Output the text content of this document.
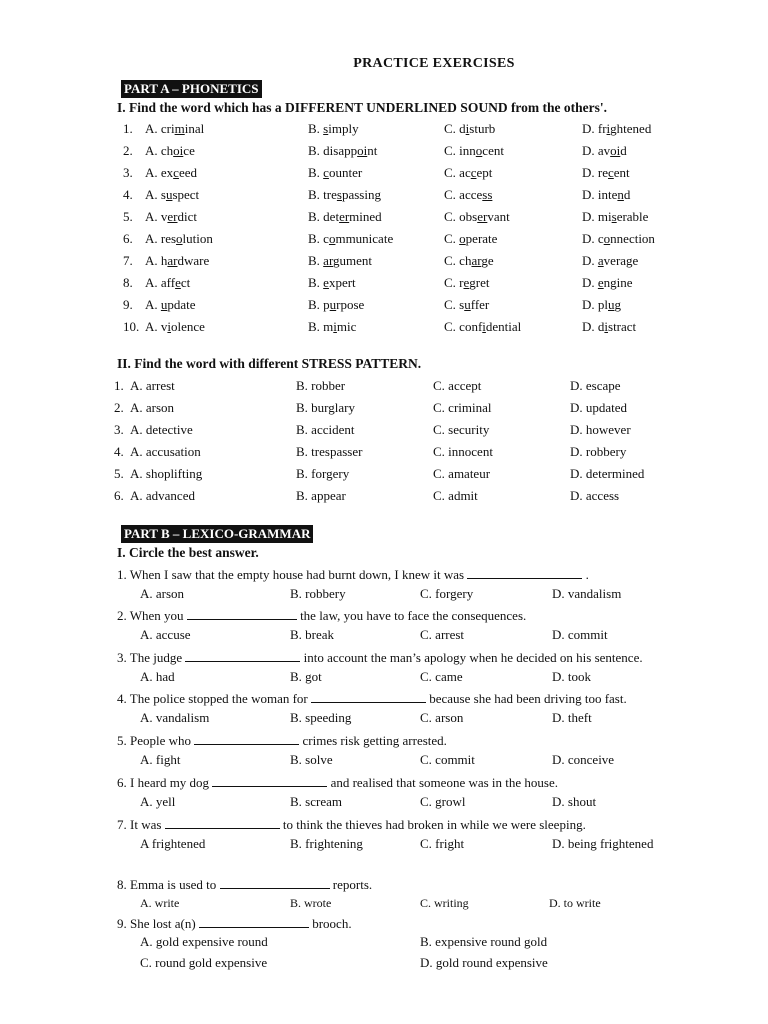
PRACTICE EXERCISES
PART A – PHONETICS
I. Find the word which has a DIFFERENT UNDERLINED SOUND from the others'.
1. A. criminal	B. simply	C. disturb	D. frightened
2. A. choice	B. disappoint	C. innocent	D. avoid
3. A. exceed	B. counter	C. accept	D. recent
4. A. suspect	B. trespassing	C. access	D. intend
5. A. verdict	B. determined	C. observant	D. miserable
6. A. resolution	B. communicate	C. operate	D. connection
7. A. hardware	B. argument	C. charge	D. average
8. A. affect	B. expert	C. regret	D. engine
9. A. update	B. purpose	C. suffer	D. plug
10. A. violence	B. mimic	C. confidential	D. distract
II. Find the word with different STRESS PATTERN.
1. A. arrest	B. robber	C. accept	D. escape
2. A. arson	B. burglary	C. criminal	D. updated
3. A. detective	B. accident	C. security	D. however
4. A. accusation	B. trespasser	C. innocent	D. robbery
5. A. shoplifting	B. forgery	C. amateur	D. determined
6. A. advanced	B. appear	C. admit	D. access
PART B – LEXICO-GRAMMAR
I. Circle the best answer.
1. When I saw that the empty house had burnt down, I knew it was	.
A. arson	B. robbery	C. forgery	D. vandalism
2. When you	the law, you have to face the consequences.
A. accuse	B. break	C. arrest	D. commit
3. The judge	into account the man’s apology when he decided on his sentence.
A. had	B. got	C. came	D. took
4. The police stopped the woman for	because she had been driving too fast.
A. vandalism	B. speeding	C. arson	D. theft
5. People who	crimes risk getting arrested.
A. fight	B. solve	C. commit	D. conceive
6. I heard my dog	and realised that someone was in the house.
A. yell	B. scream	C. growl	D. shout
7. It was	to think the thieves had broken in while we were sleeping.
A frightened	B. frightening	C. fright	D. being frightened
8. Emma is used to	reports.
A. write	B. wrote	C. writing	D. to write
9. She lost a(n)	brooch.
A. gold expensive round	B. expensive round gold
C. round gold expensive	D. gold round expensive
